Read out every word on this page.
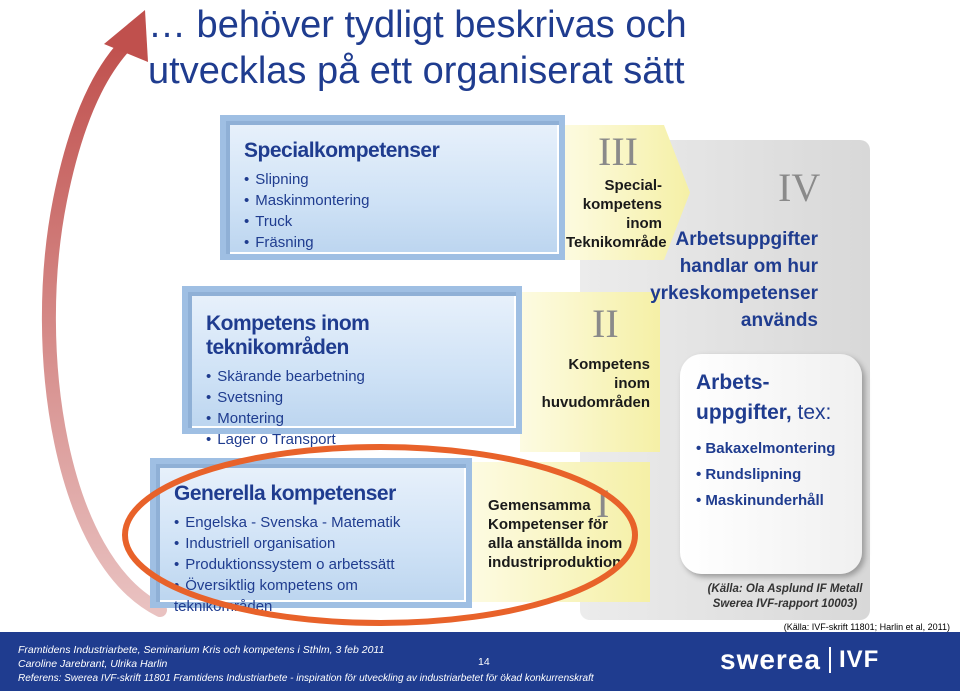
… behöver tydligt beskrivas och
utvecklas på ett organiserat sätt
Specialkompetenser
• Slipning
• Maskinmontering
• Truck
• Fräsning
Kompetens inom teknikområden
• Skärande bearbetning
• Svetsning
• Montering
• Lager o Transport
Generella kompetenser
• Engelska - Svenska - Matematik
• Industriell organisation
• Produktionssystem o arbetssätt
• Översiktlig kompetens om teknikområden
III
Special-
kompetens
inom
Teknikområde
II
Kompetens inom
huvudområden
I
Gemensamma
Kompetenser för
alla anställda inom
industriproduktion
IV
Arbetsuppgifter
handlar om hur
yrkeskompetenser
används
Arbets-
uppgifter, tex:
• Bakaxelmontering
• Rundslipning
• Maskinunderhåll
(Källa: Ola Asplund IF Metall
Swerea IVF-rapport 10003)
(Källa: IVF-skrift 11801; Harlin et al, 2011)
Framtidens Industriarbete, Seminarium Kris och kompetens i Sthlm, 3 feb 2011
Caroline Jarebrant, Ulrika Harlin	14
Referens: Swerea IVF-skrift 11801 Framtidens Industriarbete - inspiration för utveckling av industriarbetet för ökad konkurrenskraft
swerea IVF
